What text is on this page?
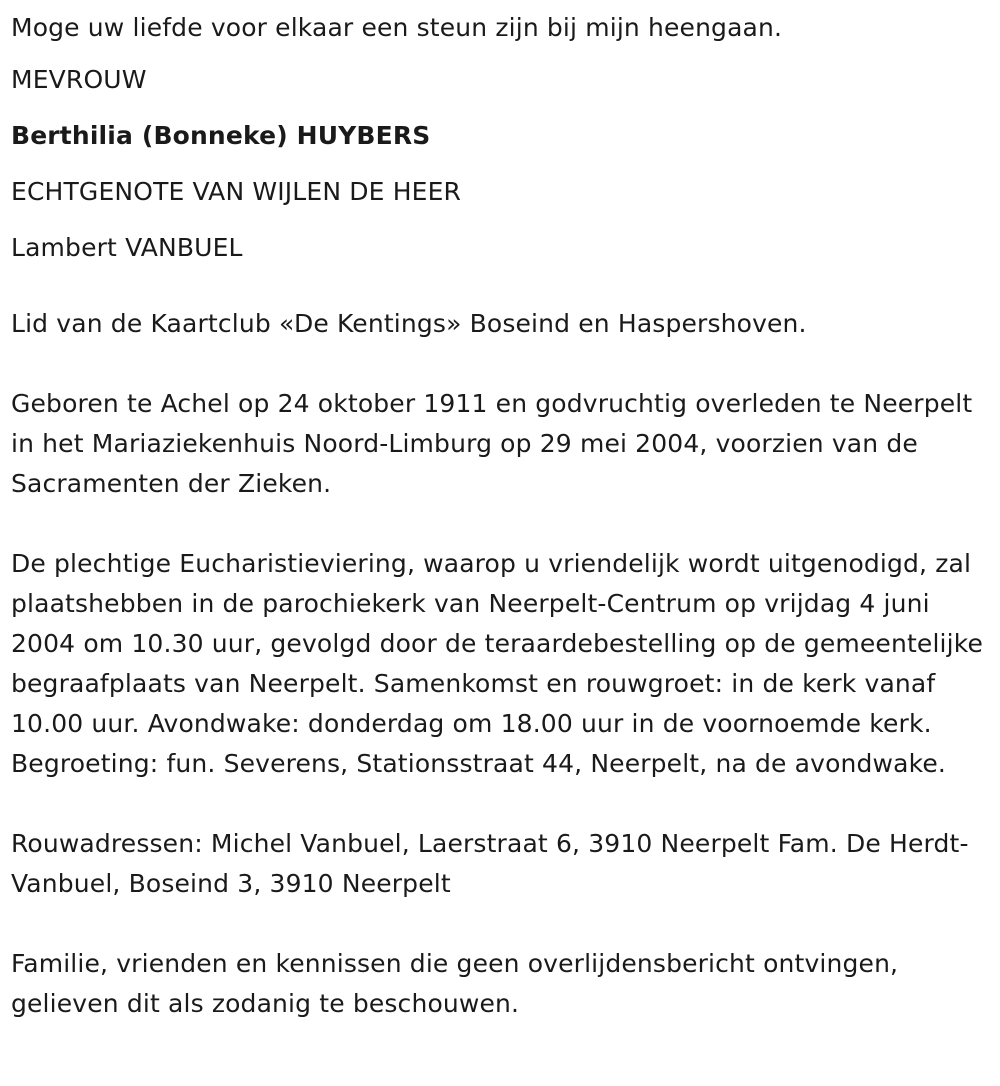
Moge uw liefde voor elkaar een steun zijn bij mijn heengaan.

MEVROUW

Berthilia (Bonneke) HUYBERS

ECHTGENOTE VAN WIJLEN DE HEER

Lambert VANBUEL

Lid van de Kaartclub «De Kentings» Boseind en Haspershoven.

Geboren te Achel op 24 oktober 1911 en godvruchtig overleden te Neerpelt in het Mariaziekenhuis Noord-Limburg op 29 mei 2004, voorzien van de Sacramenten der Zieken.

De plechtige Eucharistieviering, waarop u vriendelijk wordt uitgenodigd, zal plaatshebben in de parochiekerk van Neerpelt-Centrum op vrijdag 4 juni 2004 om 10.30 uur, gevolgd door de teraardebestelling op de gemeentelijke begraafplaats van Neerpelt. Samenkomst en rouwgroet: in de kerk vanaf 10.00 uur. Avondwake: donderdag om 18.00 uur in de voornoemde kerk. Begroeting: fun. Severens, Stationsstraat 44, Neerpelt, na de avondwake.

Rouwadressen: Michel Vanbuel, Laerstraat 6, 3910 Neerpelt Fam. De Herdt-Vanbuel, Boseind 3, 3910 Neerpelt

Familie, vrienden en kennissen die geen overlijdensbericht ontvingen, gelieven dit als zodanig te beschouwen.
